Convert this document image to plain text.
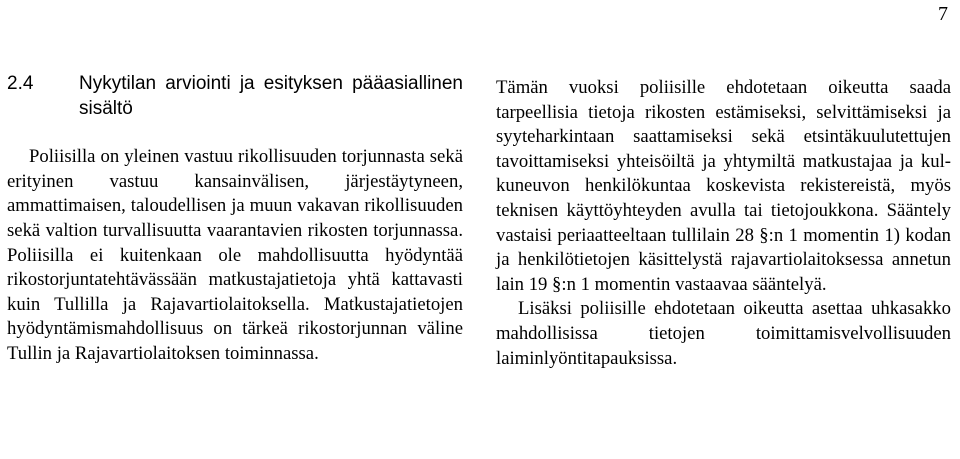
7
2.4	Nykytilan arviointi ja esityksen pääasiallinen sisältö

Poliisilla on yleinen vastuu rikollisuuden torjunnasta sekä erityinen vastuu kansainvälisen, järjestäytyneen, ammattimaisen, taloudellisen ja muun vakavan rikollisuuden sekä valtion turvallisuutta vaarantavien rikosten torjunnassa. Poliisilla ei kuitenkaan ole mahdollisuutta hyödyntää rikostorjuntatehtävässään matkustajatietoja yhtä kattavasti kuin Tullilla ja Rajavartiolaitoksella. Matkustajatietojen hyödyntämismahdollisuus on tärkeä rikostorjunnan väline Tullin ja Rajavartiolaitoksen toiminnassa.

Tämän vuoksi poliisille ehdotetaan oikeutta saada tarpeellisia tietoja rikosten estämiseksi, selvittämiseksi ja syyteharkintaan saattamiseksi sekä etsintäkuulutettujen tavoittamiseksi yhteisöiltä ja yhtymiltä matkustajaa ja kulkuneuvon henkilökuntaa koskevista rekistereistä, myös teknisen käyttöyhteyden avulla tai tietojoukkona. Sääntely vastaisi periaatteeltaan tullilain 28 §:n 1 momentin 1) kodan ja henkilötietojen käsittelystä rajavartiolaitoksessa annetun lain 19 §:n 1 momentin vastaavaa sääntelyä.

Lisäksi poliisille ehdotetaan oikeutta asettaa uhkasakko mahdollisissa tietojen toimittamisvelvollisuuden laiminlyöntitapauksissa.
